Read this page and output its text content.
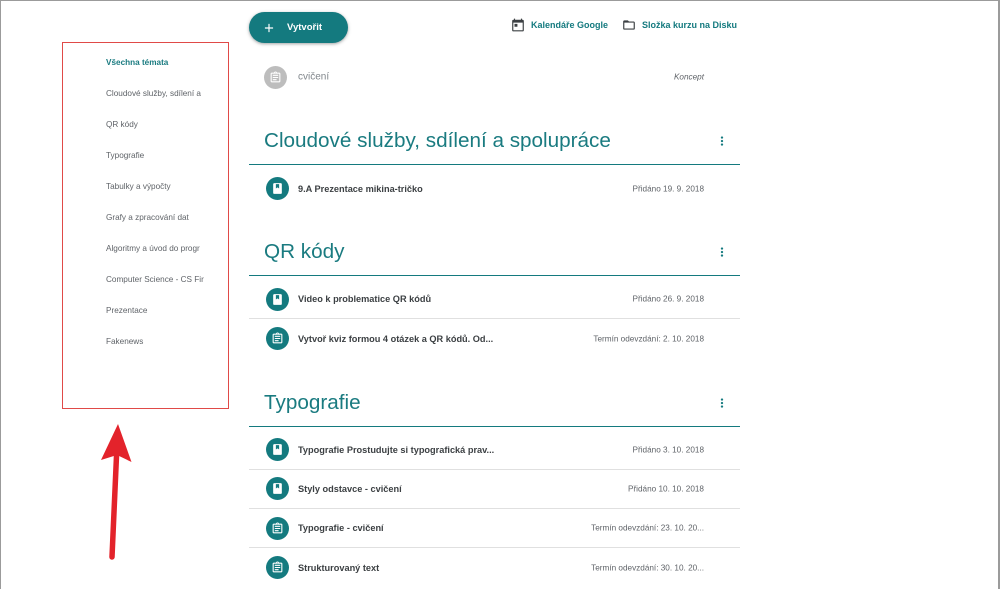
Vytvořit	Kalendáře Google	Složka kurzu na Disku
Všechna témata
Cloudové služby, sdílení a
QR kódy
Typografie
Tabulky a výpočty
Grafy a zpracování dat
Algoritmy a úvod do progr
Computer Science - CS Fir
Prezentace
Fakenews
cvičení	Koncept
Cloudové služby, sdílení a spolupráce
9.A Prezentace mikina-tričko	Přidáno 19. 9. 2018
QR kódy
Video k problematice QR kódů	Přidáno 26. 9. 2018
Vytvoř kviz formou 4 otázek a QR kódů. Od...	Termín odevzdání: 2. 10. 2018
Typografie
Typografie Prostudujte si typografická prav...	Přidáno 3. 10. 2018
Styly odstavce - cvičení	Přidáno 10. 10. 2018
Typografie - cvičení	Termín odevzdání: 23. 10. 20...
Strukturovaný text	Termín odevzdání: 30. 10. 20...
